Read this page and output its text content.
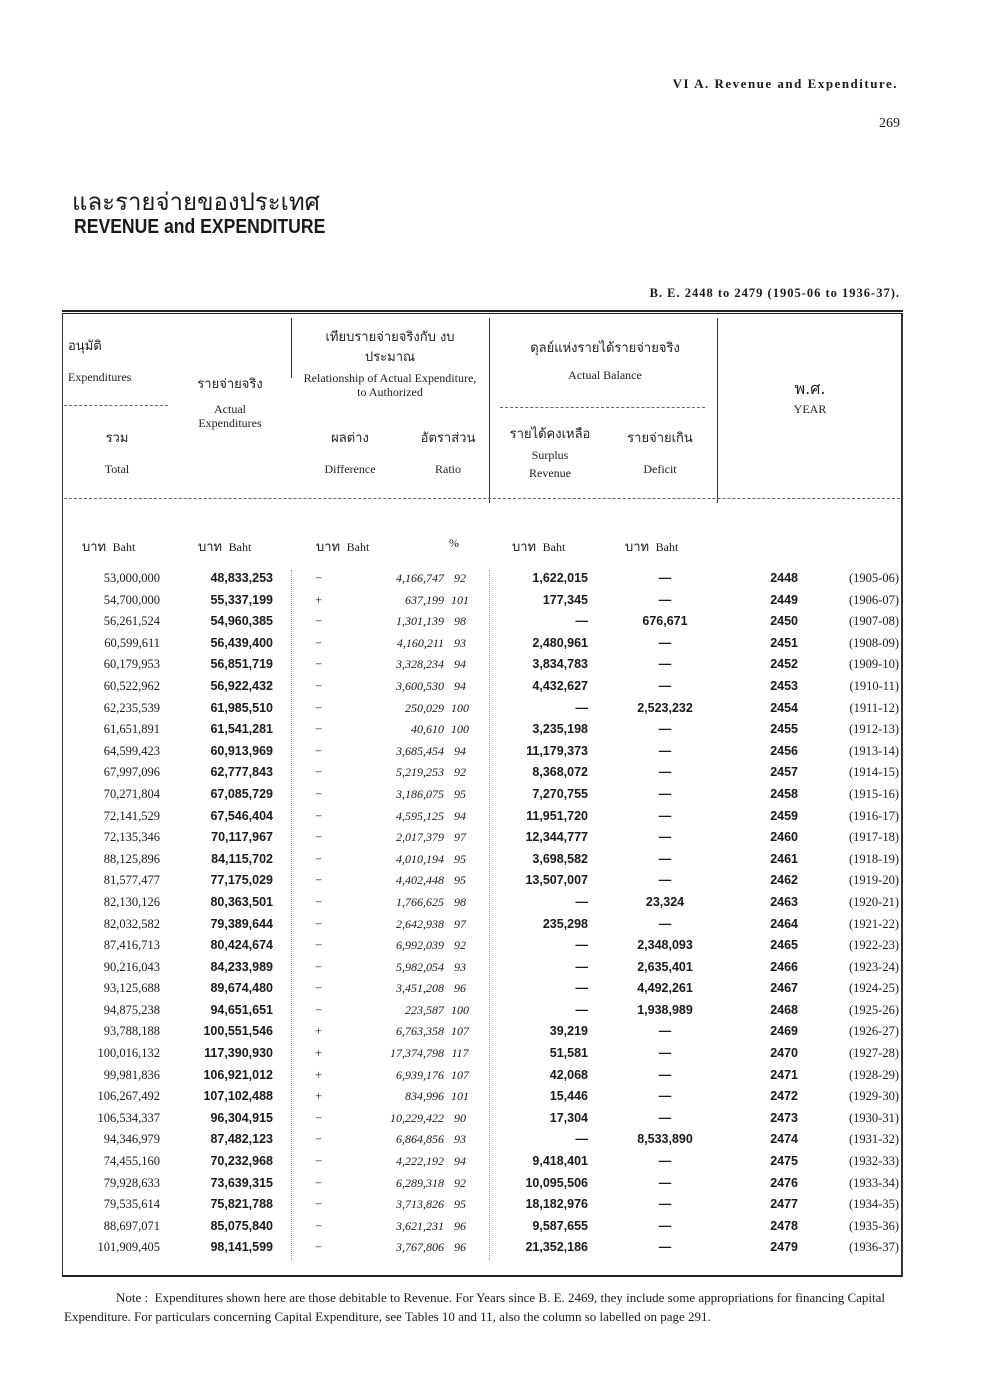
VI A. Revenue and Expenditure.
269
และรายจ่ายของประเทศ
REVENUE and EXPENDITURE
B. E. 2448 to 2479 (1905-06 to 1936-37).
อนุมัติ
Expenditures
รวม
Total
รายจ่ายจริง
Actual Expenditures
เทียบรายจ่ายจริงกับ งบประมาณ
Relationship of Actual Expenditure, to Authorized
ผลต่าง
Difference
อัตราส่วน
Ratio
ดุลย์แห่งรายได้รายจ่ายจริง
Actual Balance
รายได้คงเหลือ
Surplus Revenue
รายจ่ายเกิน
Deficit
พ.ศ.
YEAR
บาท Baht	บาท Baht	บาท Baht	%	บาท Baht	บาท Baht
53,000,000	48,833,253	−	4,166,747 92	1,622,015	—	2448	(1905-06)
54,700,000	55,337,199	+	637,199 101	177,345	—	2449	(1906-07)
56,261,524	54,960,385	−	1,301,139 98	—	676,671	2450	(1907-08)
60,599,611	56,439,400	−	4,160,211 93	2,480,961	—	2451	(1908-09)
60,179,953	56,851,719	−	3,328,234 94	3,834,783	—	2452	(1909-10)
60,522,962	56,922,432	−	3,600,530 94	4,432,627	—	2453	(1910-11)
62,235,539	61,985,510	−	250,029 100	—	2,523,232	2454	(1911-12)
61,651,891	61,541,281	−	40,610 100	3,235,198	—	2455	(1912-13)
64,599,423	60,913,969	−	3,685,454 94	11,179,373	—	2456	(1913-14)
67,997,096	62,777,843	−	5,219,253 92	8,368,072	—	2457	(1914-15)
70,271,804	67,085,729	−	3,186,075 95	7,270,755	—	2458	(1915-16)
72,141,529	67,546,404	−	4,595,125 94	11,951,720	—	2459	(1916-17)
72,135,346	70,117,967	−	2,017,379 97	12,344,777	—	2460	(1917-18)
88,125,896	84,115,702	−	4,010,194 95	3,698,582	—	2461	(1918-19)
81,577,477	77,175,029	−	4,402,448 95	13,507,007	—	2462	(1919-20)
82,130,126	80,363,501	−	1,766,625 98	—	23,324	2463	(1920-21)
82,032,582	79,389,644	−	2,642,938 97	235,298	—	2464	(1921-22)
87,416,713	80,424,674	−	6,992,039 92	—	2,348,093	2465	(1922-23)
90,216,043	84,233,989	−	5,982,054 93	—	2,635,401	2466	(1923-24)
93,125,688	89,674,480	−	3,451,208 96	—	4,492,261	2467	(1924-25)
94,875,238	94,651,651	−	223,587 100	—	1,938,989	2468	(1925-26)
93,788,188	100,551,546	+	6,763,358 107	39,219	—	2469	(1926-27)
100,016,132	117,390,930	+	17,374,798 117	51,581	—	2470	(1927-28)
99,981,836	106,921,012	+	6,939,176 107	42,068	—	2471	(1928-29)
106,267,492	107,102,488	+	834,996 101	15,446	—	2472	(1929-30)
106,534,337	96,304,915	−	10,229,422 90	17,304	—	2473	(1930-31)
94,346,979	87,482,123	−	6,864,856 93	—	8,533,890	2474	(1931-32)
74,455,160	70,232,968	−	4,222,192 94	9,418,401	—	2475	(1932-33)
79,928,633	73,639,315	−	6,289,318 92	10,095,506	—	2476	(1933-34)
79,535,614	75,821,788	−	3,713,826 95	18,182,976	—	2477	(1934-35)
88,697,071	85,075,840	−	3,621,231 96	9,587,655	—	2478	(1935-36)
101,909,405	98,141,599	−	3,767,806 96	21,352,186	—	2479	(1936-37)
Note : Expenditures shown here are those debitable to Revenue. For Years since B. E. 2469, they include some appropriations for financing Capital Expenditure. For particulars concerning Capital Expenditure, see Tables 10 and 11, also the column so labelled on page 291.
